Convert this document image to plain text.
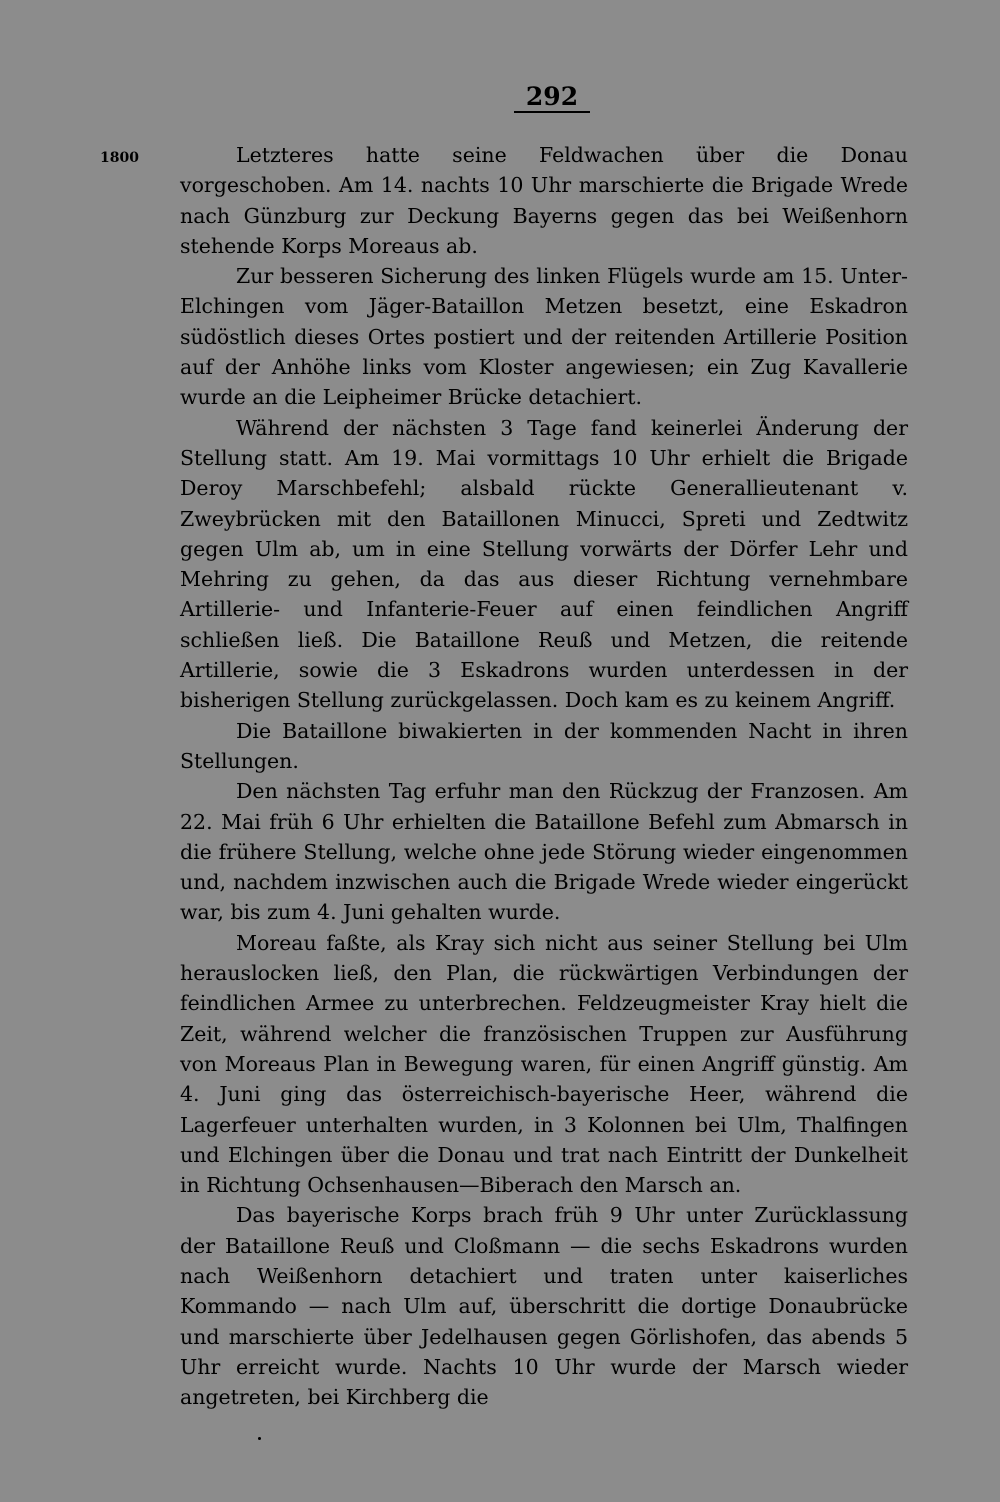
292
1800	Letzteres hatte seine Feldwachen über die Donau vorgeschoben. Am 14. nachts 10 Uhr marschierte die Brigade Wrede nach Günzburg zur Deckung Bayerns gegen das bei Weißenhorn stehende Korps Moreaus ab.

Zur besseren Sicherung des linken Flügels wurde am 15. Unter-Elchingen vom Jäger-Bataillon Metzen besetzt, eine Eskadron südöstlich dieses Ortes postiert und der reitenden Artillerie Position auf der Anhöhe links vom Kloster angewiesen; ein Zug Kavallerie wurde an die Leipheimer Brücke detachiert.

Während der nächsten 3 Tage fand keinerlei Änderung der Stellung statt. Am 19. Mai vormittags 10 Uhr erhielt die Brigade Deroy Marschbefehl; alsbald rückte Generallieutenant v. Zweybrücken mit den Bataillonen Minucci, Spreti und Zedtwitz gegen Ulm ab, um in eine Stellung vorwärts der Dörfer Lehr und Mehring zu gehen, da das aus dieser Richtung vernehmbare Artillerie- und Infanterie-Feuer auf einen feindlichen Angriff schließen ließ. Die Bataillone Reuß und Metzen, die reitende Artillerie, sowie die 3 Eskadrons wurden unterdessen in der bisherigen Stellung zurückgelassen. Doch kam es zu keinem Angriff.

Die Bataillone biwakierten in der kommenden Nacht in ihren Stellungen.

Den nächsten Tag erfuhr man den Rückzug der Franzosen. Am 22. Mai früh 6 Uhr erhielten die Bataillone Befehl zum Abmarsch in die frühere Stellung, welche ohne jede Störung wieder eingenommen und, nachdem inzwischen auch die Brigade Wrede wieder eingerückt war, bis zum 4. Juni gehalten wurde.

Moreau faßte, als Kray sich nicht aus seiner Stellung bei Ulm herauslocken ließ, den Plan, die rückwärtigen Verbindungen der feindlichen Armee zu unterbrechen. Feldzeugmeister Kray hielt die Zeit, während welcher die französischen Truppen zur Ausführung von Moreaus Plan in Bewegung waren, für einen Angriff günstig. Am 4. Juni ging das österreichisch-bayerische Heer, während die Lagerfeuer unterhalten wurden, in 3 Kolonnen bei Ulm, Thalfingen und Elchingen über die Donau und trat nach Eintritt der Dunkelheit in Richtung Ochsenhausen—Biberach den Marsch an.

Das bayerische Korps brach früh 9 Uhr unter Zurücklassung der Bataillone Reuß und Cloßmann — die sechs Eskadrons wurden nach Weißenhorn detachiert und traten unter kaiserliches Kommando — nach Ulm auf, überschritt die dortige Donaubrücke und marschierte über Jedelhausen gegen Görlishofen, das abends 5 Uhr erreicht wurde. Nachts 10 Uhr wurde der Marsch wieder angetreten, bei Kirchberg die
